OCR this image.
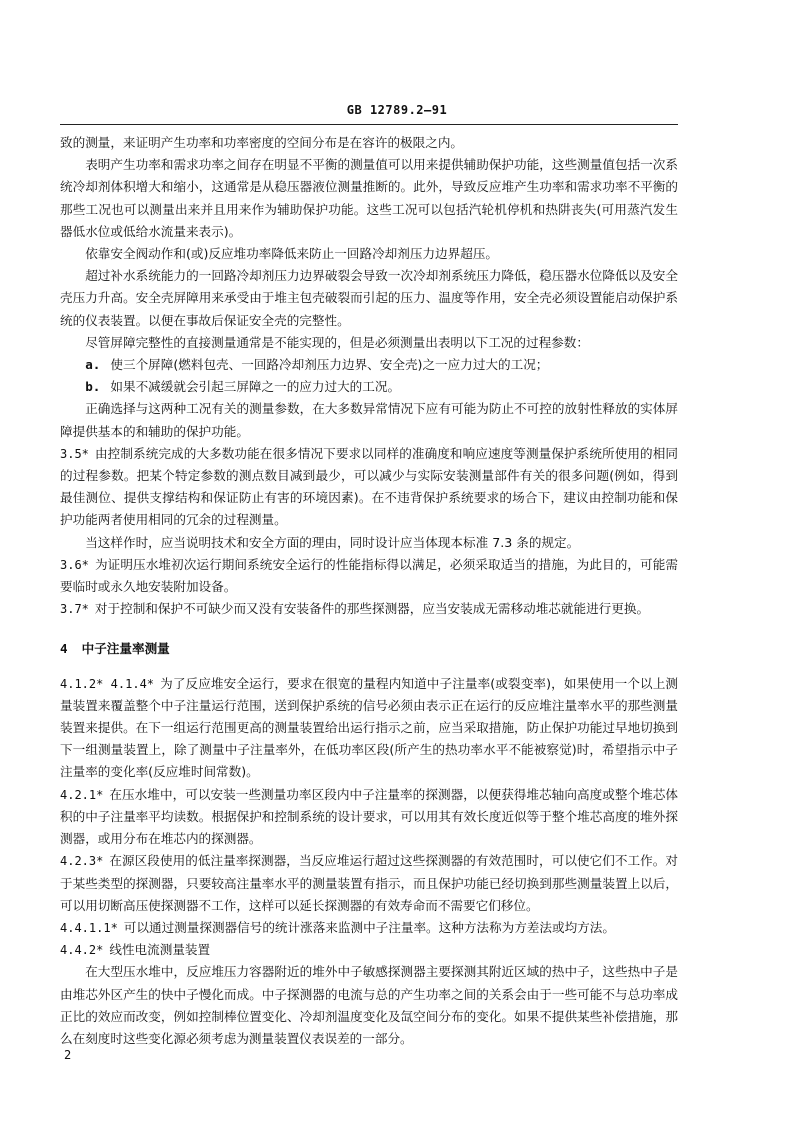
GB 12789.2—91

致的测量，来证明产生功率和功率密度的空间分布是在容许的极限之内。

表明产生功率和需求功率之间存在明显不平衡的测量值可以用来提供辅助保护功能，这些测量值包括一次系统冷却剂体积增大和缩小，这通常是从稳压器液位测量推断的。此外，导致反应堆产生功率和需求功率不平衡的那些工况也可以测量出来并且用来作为辅助保护功能。这些工况可以包括汽轮机停机和热阱丧失(可用蒸汽发生器低水位或低给水流量来表示)。

依靠安全阀动作和(或)反应堆功率降低来防止一回路冷却剂压力边界超压。

超过补水系统能力的一回路冷却剂压力边界破裂会导致一次冷却剂系统压力降低，稳压器水位降低以及安全壳压力升高。安全壳屏障用来承受由于堆主包壳破裂而引起的压力、温度等作用，安全壳必须设置能启动保护系统的仪表装置。以便在事故后保证安全壳的完整性。

尽管屏障完整性的直接测量通常是不能实现的，但是必须测量出表明以下工况的过程参数：

a. 使三个屏障(燃料包壳、一回路冷却剂压力边界、安全壳)之一应力过大的工况；
b. 如果不减缓就会引起三屏障之一的应力过大的工况。

正确选择与这两种工况有关的测量参数，在大多数异常情况下应有可能为防止不可控的放射性释放的实体屏障提供基本的和辅助的保护功能。

3.5* 由控制系统完成的大多数功能在很多情况下要求以同样的准确度和响应速度等测量保护系统所使用的相同的过程参数。把某个特定参数的测点数目减到最少，可以减少与实际安装测量部件有关的很多问题(例如，得到最佳测位、提供支撑结构和保证防止有害的环境因素)。在不违背保护系统要求的场合下，建议由控制功能和保护功能两者使用相同的冗余的过程测量。

当这样作时，应当说明技术和安全方面的理由，同时设计应当体现本标准 7.3 条的规定。

3.6* 为证明压水堆初次运行期间系统安全运行的性能指标得以满足，必须采取适当的措施，为此目的，可能需要临时或永久地安装附加设备。

3.7* 对于控制和保护不可缺少而又没有安装备件的那些探测器，应当安装成无需移动堆芯就能进行更换。

4 中子注量率测量

4.1.2* 4.1.4* 为了反应堆安全运行，要求在很宽的量程内知道中子注量率(或裂变率)，如果使用一个以上测量装置来覆盖整个中子注量运行范围，送到保护系统的信号必须由表示正在运行的反应堆注量率水平的那些测量装置来提供。在下一组运行范围更高的测量装置给出运行指示之前，应当采取措施，防止保护功能过早地切换到下一组测量装置上，除了测量中子注量率外，在低功率区段(所产生的热功率水平不能被察觉)时，希望指示中子注量率的变化率(反应堆时间常数)。

4.2.1* 在压水堆中，可以安装一些测量功率区段内中子注量率的探测器，以便获得堆芯轴向高度或整个堆芯体积的中子注量率平均读数。根据保护和控制系统的设计要求，可以用其有效长度近似等于整个堆芯高度的堆外探测器，或用分布在堆芯内的探测器。

4.2.3* 在源区段使用的低注量率探测器，当反应堆运行超过这些探测器的有效范围时，可以使它们不工作。对于某些类型的探测器，只要较高注量率水平的测量装置有指示，而且保护功能已经切换到那些测量装置上以后，可以用切断高压使探测器不工作，这样可以延长探测器的有效寿命而不需要它们移位。

4.4.1.1* 可以通过测量探测器信号的统计涨落来监测中子注量率。这种方法称为方差法或均方法。

4.4.2* 线性电流测量装置

在大型压水堆中，反应堆压力容器附近的堆外中子敏感探测器主要探测其附近区域的热中子，这些热中子是由堆芯外区产生的快中子慢化而成。中子探测器的电流与总的产生功率之间的关系会由于一些可能不与总功率成正比的效应而改变，例如控制棒位置变化、冷却剂温度变化及氙空间分布的变化。如果不提供某些补偿措施，那么在刻度时这些变化源必须考虑为测量装置仪表误差的一部分。

2
